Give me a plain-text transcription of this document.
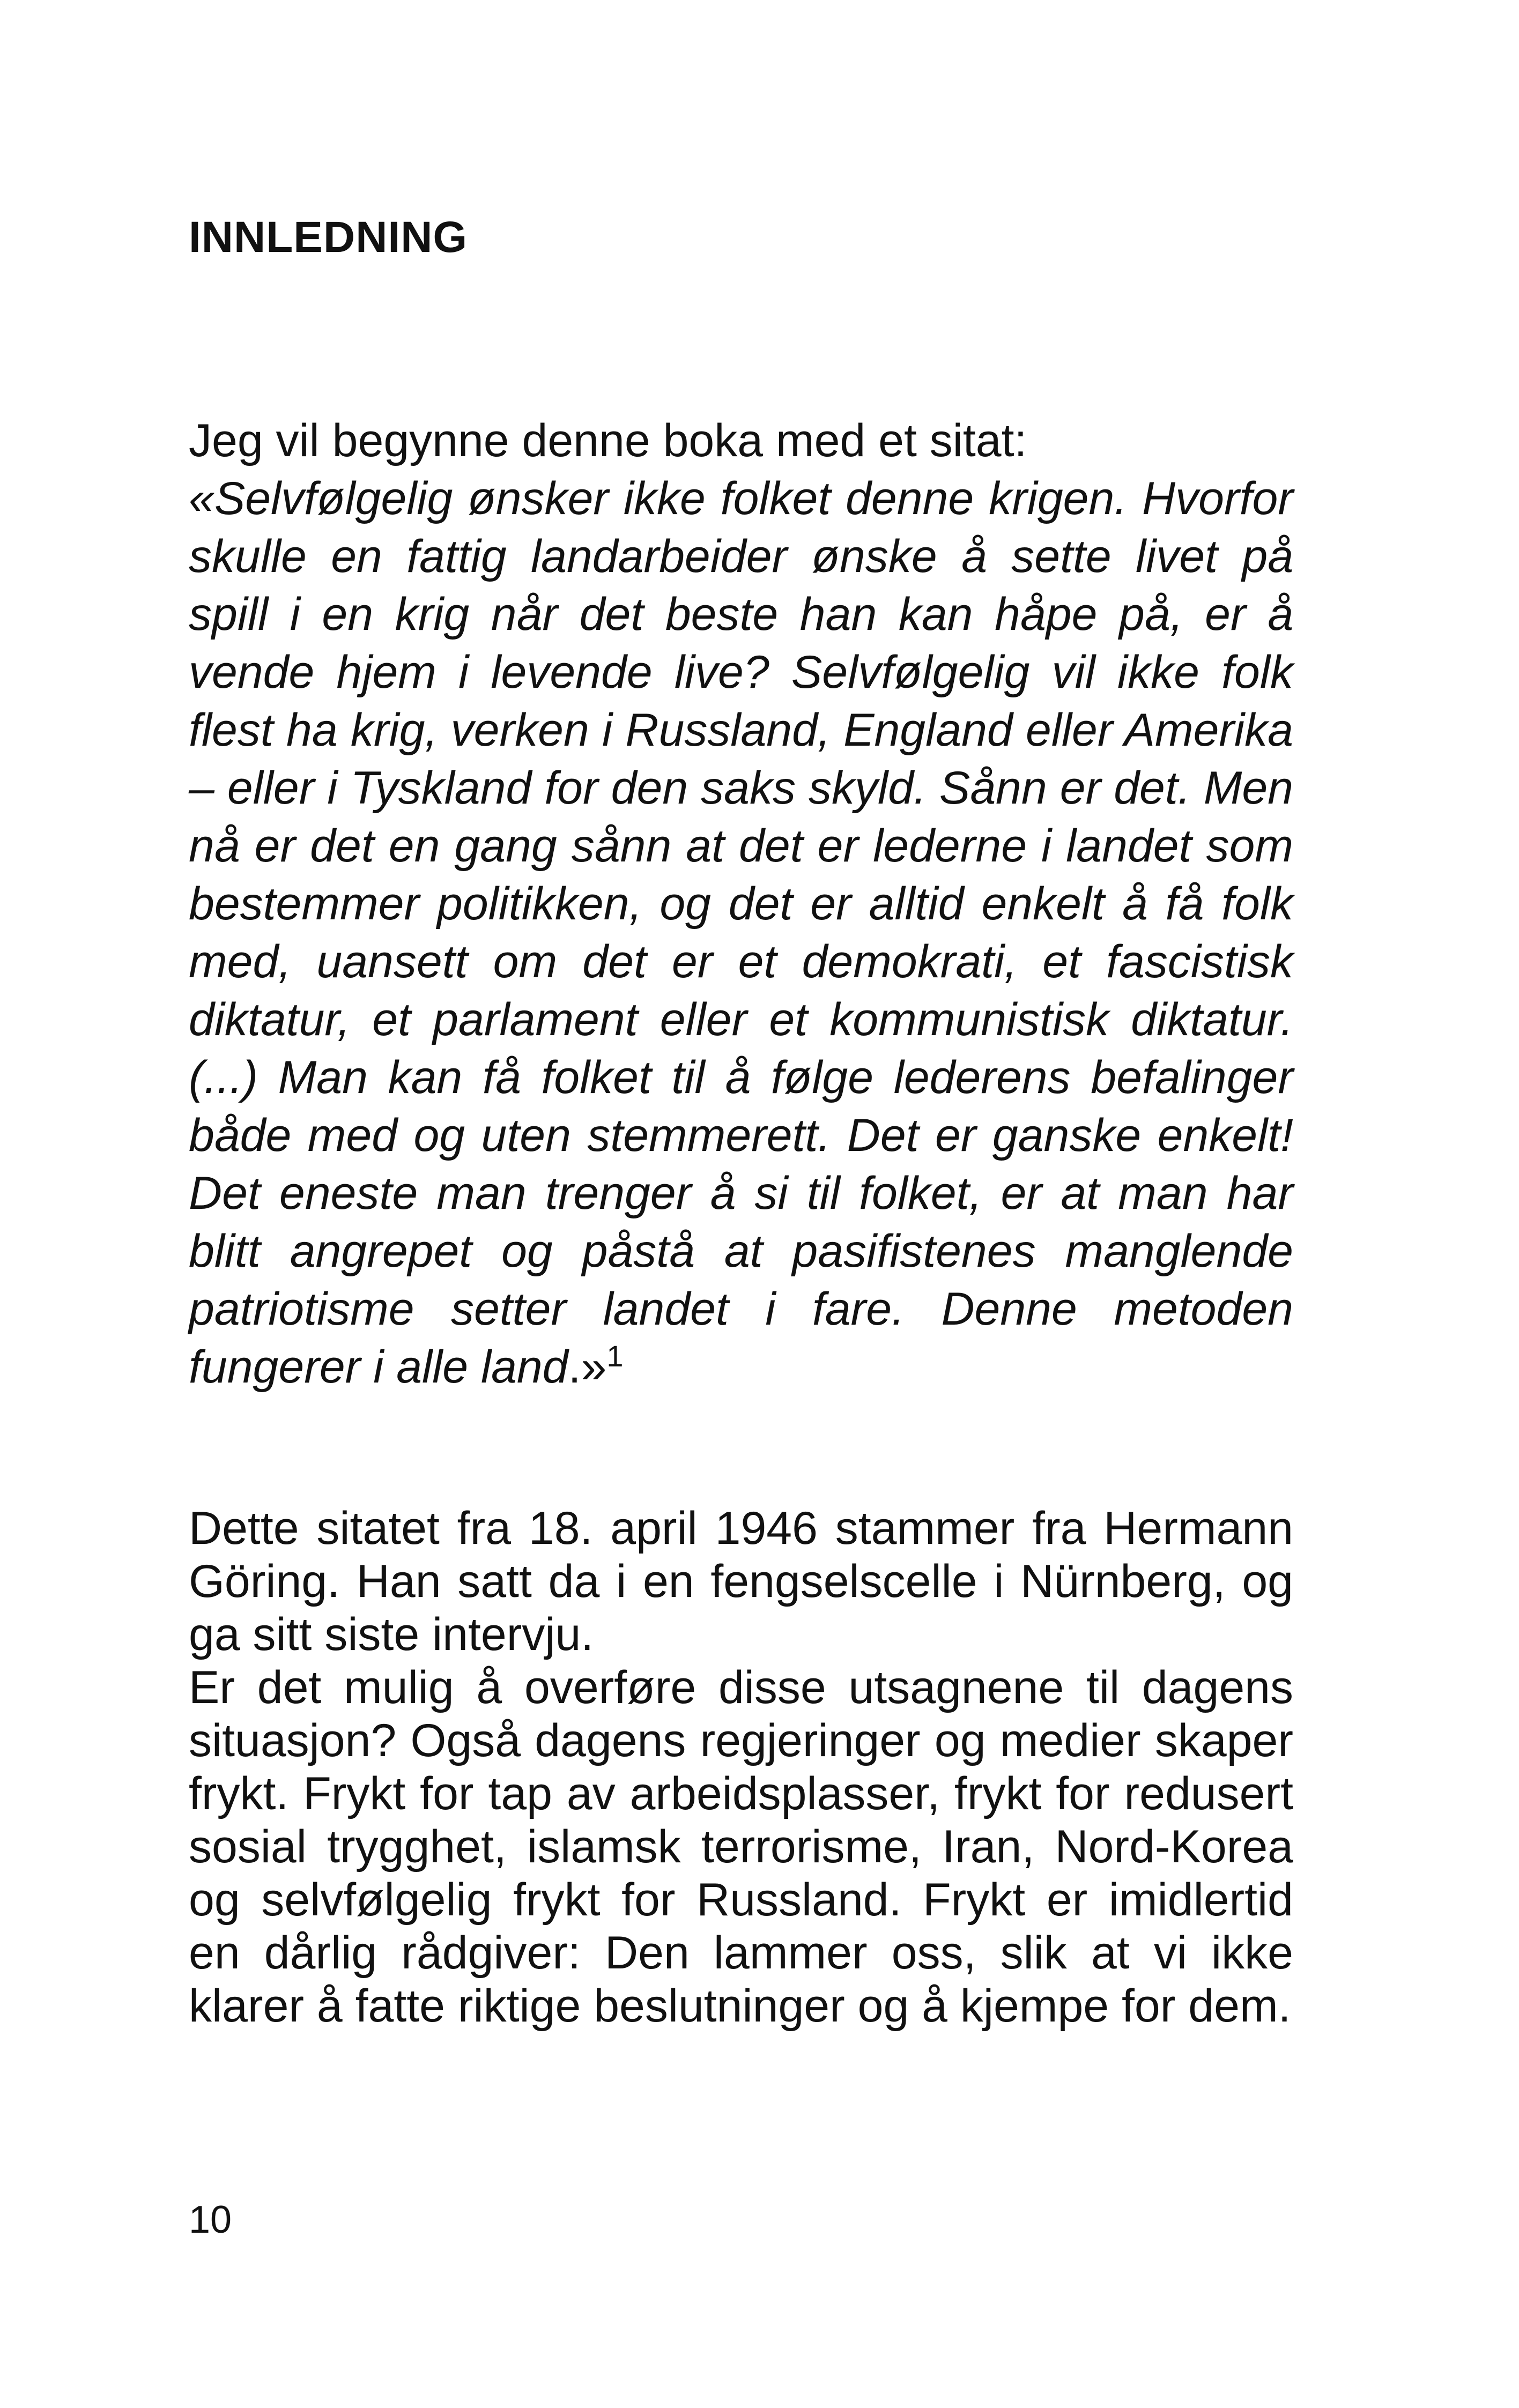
INNLEDNING

Jeg vil begynne denne boka med et sitat:

«Selvfølgelig ønsker ikke folket denne krigen. Hvorfor skulle en fattig landarbeider ønske å sette livet på spill i en krig når det beste han kan håpe på, er å vende hjem i levende live? Selvfølgelig vil ikke folk flest ha krig, verken i Russland, England eller Amerika – eller i Tyskland for den saks skyld. Sånn er det. Men nå er det en gang sånn at det er lederne i landet som bestemmer politikken, og det er alltid enkelt å få folk med, uansett om det er et demokrati, et fascistisk diktatur, et parlament eller et kommunistisk diktatur. (...) Man kan få folket til å følge lederens befalinger både med og uten stemmerett. Det er ganske enkelt! Det eneste man trenger å si til folket, er at man har blitt angrepet og påstå at pasifistenes manglende patriotisme setter landet i fare. Denne metoden fungerer i alle land.»$^1$

Dette sitatet fra 18. april 1946 stammer fra Hermann Göring. Han satt da i en fengselscelle i Nürnberg, og ga sitt siste intervju.

Er det mulig å overføre disse utsagnene til dagens situasjon? Også dagens regjeringer og medier skaper frykt. Frykt for tap av arbeidsplasser, frykt for redusert sosial trygghet, islamsk terrorisme, Iran, Nord-Korea og selvfølgelig frykt for Russland. Frykt er imidlertid en dårlig rådgiver: Den lammer oss, slik at vi ikke klarer å fatte riktige beslutninger og å kjempe for dem.

10
